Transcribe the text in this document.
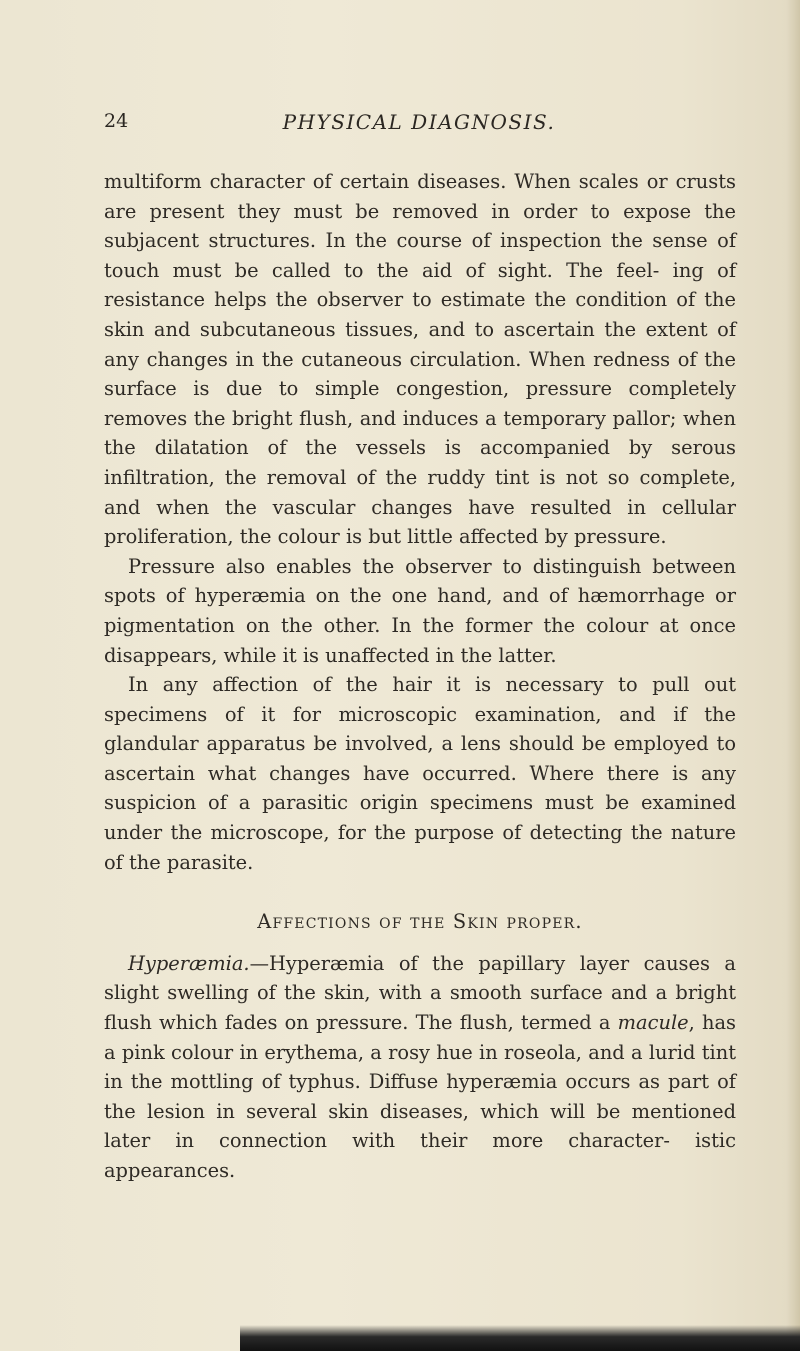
24	PHYSICAL DIAGNOSIS.

multiform character of certain diseases. When scales or crusts are present they must be removed in order to expose the subjacent structures. In the course of inspection the sense of touch must be called to the aid of sight. The feel- ing of resistance helps the observer to estimate the condition of the skin and subcutaneous tissues, and to ascertain the extent of any changes in the cutaneous circulation. When redness of the surface is due to simple congestion, pressure completely removes the bright flush, and induces a temporary pallor; when the dilatation of the vessels is accompanied by serous infiltration, the removal of the ruddy tint is not so complete, and when the vascular changes have resulted in cellular proliferation, the colour is but little affected by pressure.

Pressure also enables the observer to distinguish between spots of hyperæmia on the one hand, and of hæmorrhage or pigmentation on the other. In the former the colour at once disappears, while it is unaffected in the latter.

In any affection of the hair it is necessary to pull out specimens of it for microscopic examination, and if the glandular apparatus be involved, a lens should be employed to ascertain what changes have occurred. Where there is any suspicion of a parasitic origin specimens must be examined under the microscope, for the purpose of detecting the nature of the parasite.

Affections of the Skin proper.

Hyperæmia.—Hyperæmia of the papillary layer causes a slight swelling of the skin, with a smooth surface and a bright flush which fades on pressure. The flush, termed a macule, has a pink colour in erythema, a rosy hue in roseola, and a lurid tint in the mottling of typhus. Diffuse hyperæmia occurs as part of the lesion in several skin diseases, which will be mentioned later in connection with their more character- istic appearances.
